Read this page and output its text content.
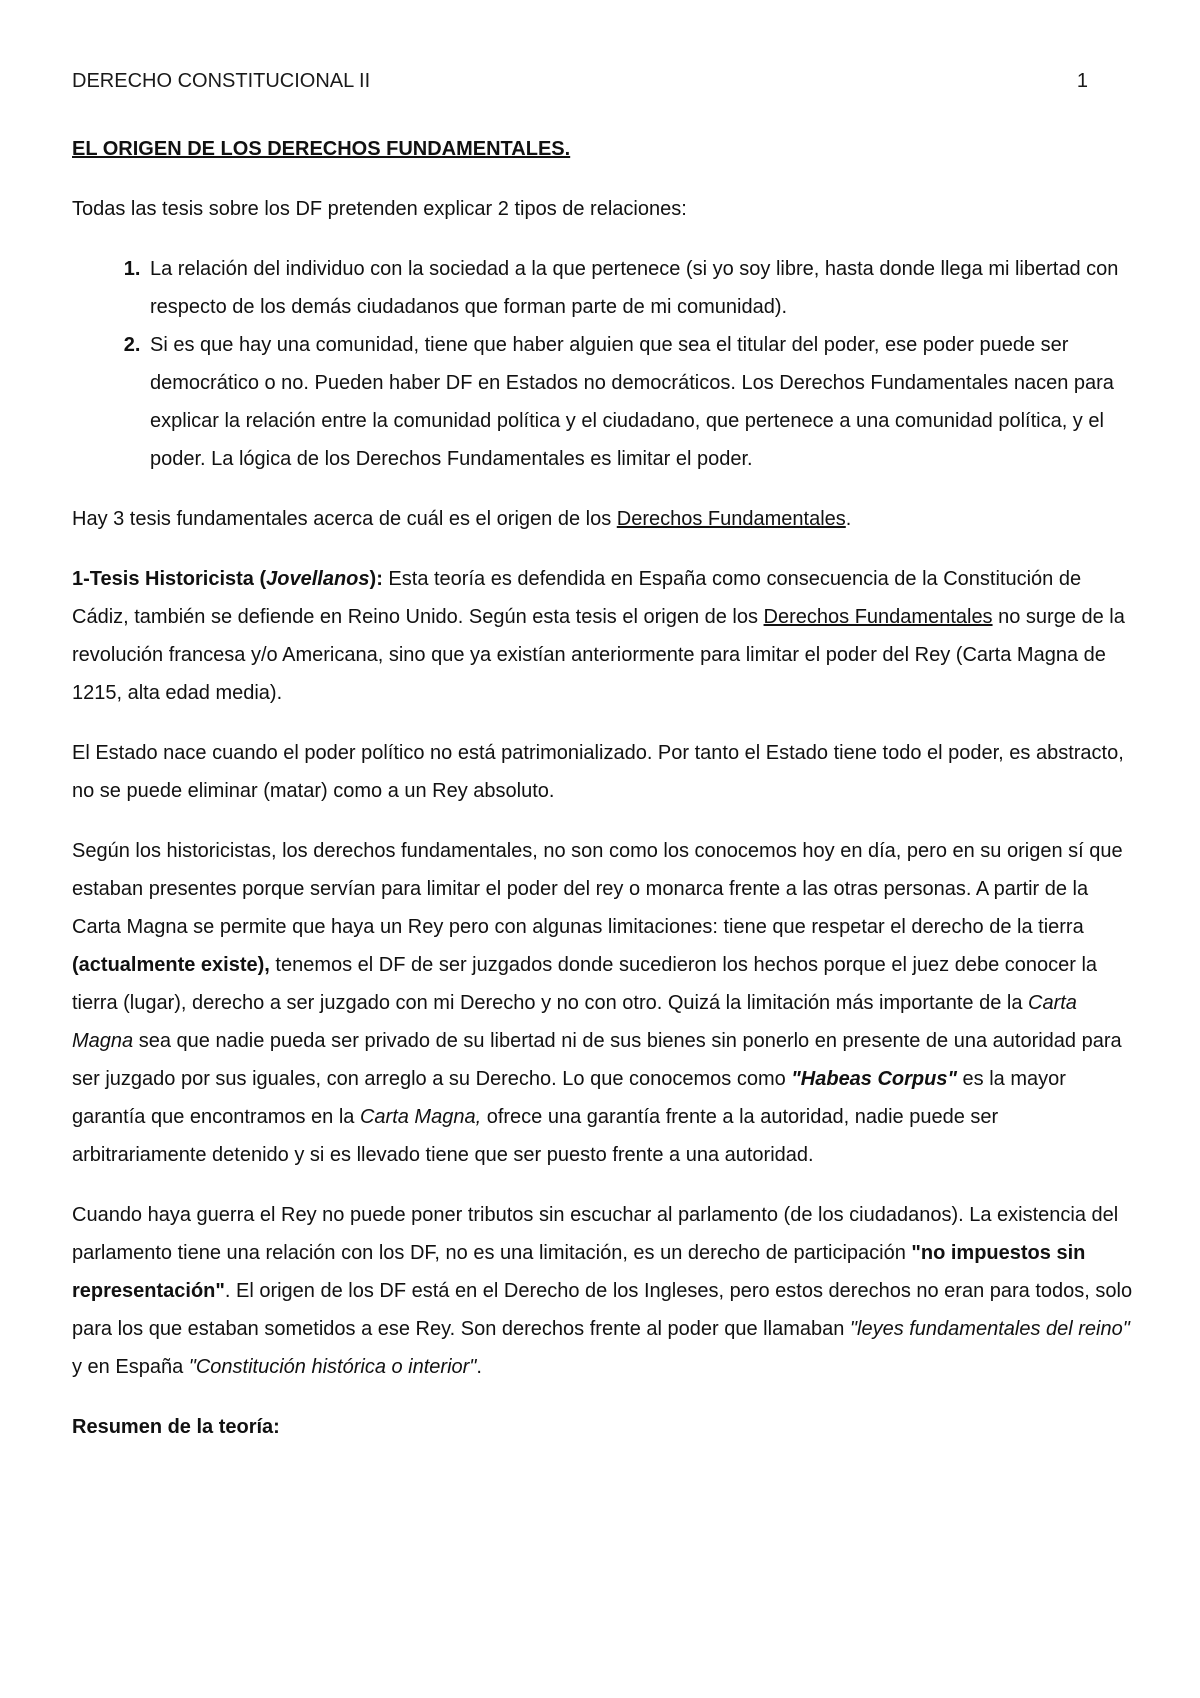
DERECHO CONSTITUCIONAL II	1
EL ORIGEN DE LOS DERECHOS FUNDAMENTALES.

Todas las tesis sobre los DF pretenden explicar 2 tipos de relaciones:

1. La relación del individuo con la sociedad a la que pertenece (si yo soy libre, hasta donde llega mi libertad con respecto de los demás ciudadanos que forman parte de mi comunidad).
2. Si es que hay una comunidad, tiene que haber alguien que sea el titular del poder, ese poder puede ser democrático o no. Pueden haber DF en Estados no democráticos. Los Derechos Fundamentales nacen para explicar la relación entre la comunidad política y el ciudadano, que pertenece a una comunidad política, y el poder. La lógica de los Derechos Fundamentales es limitar el poder.

Hay 3 tesis fundamentales acerca de cuál es el origen de los Derechos Fundamentales.

1-Tesis Historicista (Jovellanos): Esta teoría es defendida en España como consecuencia de la Constitución de Cádiz, también se defiende en Reino Unido. Según esta tesis el origen de los Derechos Fundamentales no surge de la revolución francesa y/o Americana, sino que ya existían anteriormente para limitar el poder del Rey (Carta Magna de 1215, alta edad media).

El Estado nace cuando el poder político no está patrimonializado. Por tanto el Estado tiene todo el poder, es abstracto, no se puede eliminar (matar) como a un Rey absoluto.

Según los historicistas, los derechos fundamentales, no son como los conocemos hoy en día, pero en su origen sí que estaban presentes porque servían para limitar el poder del rey o monarca frente a las otras personas. A partir de la Carta Magna se permite que haya un Rey pero con algunas limitaciones: tiene que respetar el derecho de la tierra (actualmente existe), tenemos el DF de ser juzgados donde sucedieron los hechos porque el juez debe conocer la tierra (lugar), derecho a ser juzgado con mi Derecho y no con otro. Quizá la limitación más importante de la Carta Magna sea que nadie pueda ser privado de su libertad ni de sus bienes sin ponerlo en presente de una autoridad para ser juzgado por sus iguales, con arreglo a su Derecho. Lo que conocemos como "Habeas Corpus" es la mayor garantía que encontramos en la Carta Magna, ofrece una garantía frente a la autoridad, nadie puede ser arbitrariamente detenido y si es llevado tiene que ser puesto frente a una autoridad.

Cuando haya guerra el Rey no puede poner tributos sin escuchar al parlamento (de los ciudadanos). La existencia del parlamento tiene una relación con los DF, no es una limitación, es un derecho de participación "no impuestos sin representación". El origen de los DF está en el Derecho de los Ingleses, pero estos derechos no eran para todos, solo para los que estaban sometidos a ese Rey. Son derechos frente al poder que llamaban "leyes fundamentales del reino" y en España "Constitución histórica o interior".

Resumen de la teoría:
